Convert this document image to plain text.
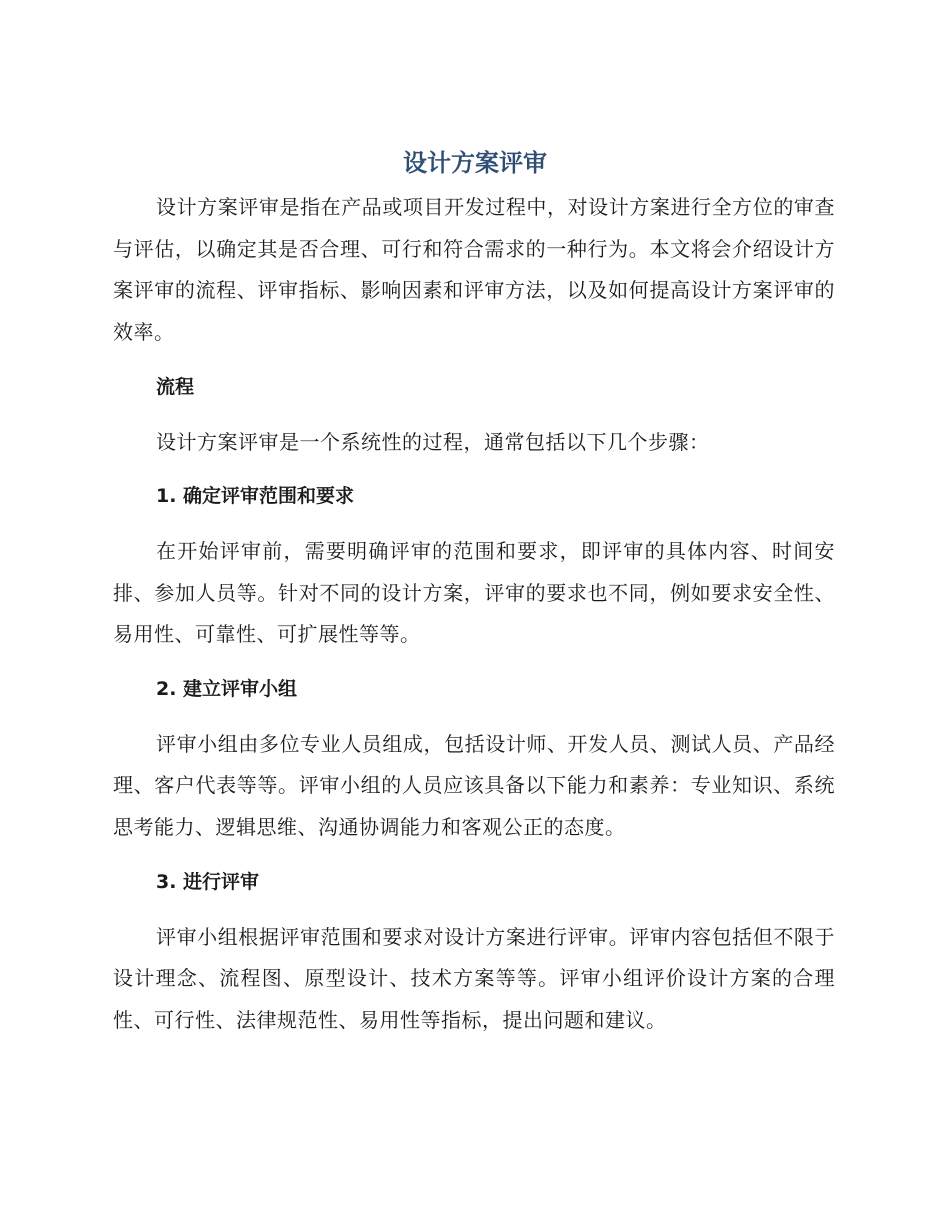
设计方案评审

设计方案评审是指在产品或项目开发过程中，对设计方案进行全方位的审查与评估，以确定其是否合理、可行和符合需求的一种行为。本文将会介绍设计方案评审的流程、评审指标、影响因素和评审方法，以及如何提高设计方案评审的效率。

流程

设计方案评审是一个系统性的过程，通常包括以下几个步骤：

1. 确定评审范围和要求

在开始评审前，需要明确评审的范围和要求，即评审的具体内容、时间安排、参加人员等。针对不同的设计方案，评审的要求也不同，例如要求安全性、易用性、可靠性、可扩展性等等。

2. 建立评审小组

评审小组由多位专业人员组成，包括设计师、开发人员、测试人员、产品经理、客户代表等等。评审小组的人员应该具备以下能力和素养：专业知识、系统思考能力、逻辑思维、沟通协调能力和客观公正的态度。

3. 进行评审

评审小组根据评审范围和要求对设计方案进行评审。评审内容包括但不限于设计理念、流程图、原型设计、技术方案等等。评审小组评价设计方案的合理性、可行性、法律规范性、易用性等指标，提出问题和建议。
